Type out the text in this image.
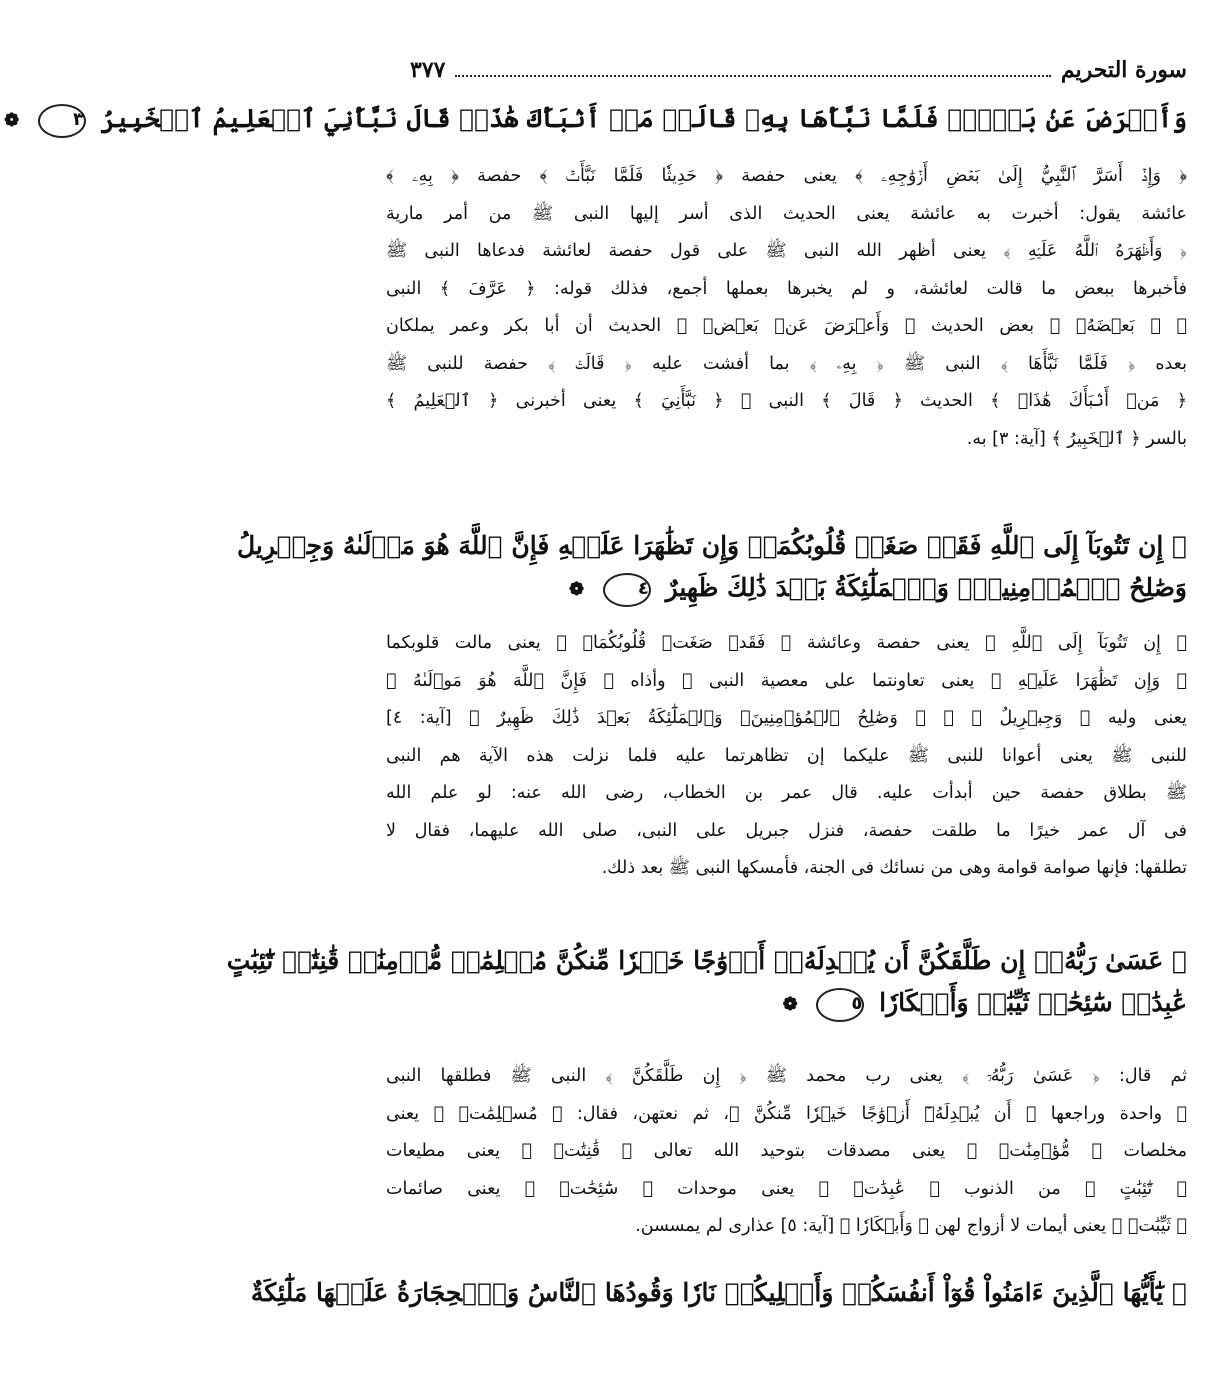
سورة التحريم
٣٧٧
وَأَعۡرَضَ عَنۢ بَعۡضٖۖ فَلَمَّا نَبَّأَهَا بِهِۦ قَالَتۡ مَنۡ أَنۢبَأَكَ هَٰذَاۖ قَالَ نَبَّأَنِيَ ٱلۡعَلِيمُ ٱلۡخَبِيرُ ٣ ❁
﴿ وَإِذۡ أَسَرَّ ٱلنَّبِيُّ إِلَىٰ بَعۡضِ أَزۡوَٰجِهِۦ ﴾ يعنى حفصة ﴿ حَدِيثٗا فَلَمَّا نَبَّأَتۡ ﴾ حفصة ﴿ بِهِۦ ﴾
عائشة يقول: أخبرت به عائشة يعنى الحديث الذى أسر إليها النبى ﷺ من أمر مارية
﴿ وَأَظۡهَرَهُ ٱللَّهُ عَلَيۡهِ ﴾ يعنى أظهر الله النبى ﷺ على قول حفصة لعائشة فدعاها النبى ﷺ
فأخبرها ببعض ما قالت لعائشة، و لم يخبرها بعملها أجمع، فذلك قوله: ﴿ عَرَّفَ ﴾ النبى
ﷺ ﴿ بَعۡضَهُۥ ﴾ بعض الحديث ﴿ وَأَعۡرَضَ عَنۢ بَعۡضٖ ﴾ الحديث أن أبا بكر وعمر يملكان
بعده ﴿ فَلَمَّا نَبَّأَهَا ﴾ النبى ﷺ ﴿ بِهِۦ ﴾ بما أفشت عليه ﴿ قَالَتۡ ﴾ حفصة للنبى ﷺ
﴿ مَنۡ أَنۢبَأَكَ هَٰذَاۖ ﴾ الحديث ﴿ قَالَ ﴾ النبى ﷺ ﴿ نَبَّأَنِيَ ﴾ يعنى أخبرنى ﴿ ٱلۡعَلِيمُ ﴾
بالسر ﴿ ٱلۡخَبِيرُ ﴾ [آية: ٣] به.
﴿ إِن تَتُوبَآ إِلَى ٱللَّهِ فَقَدۡ صَغَتۡ قُلُوبُكُمَاۖ وَإِن تَظَٰهَرَا عَلَيۡهِ فَإِنَّ ٱللَّهَ هُوَ مَوۡلَىٰهُ وَجِبۡرِيلُ
وَصَٰلِحُ ٱلۡمُؤۡمِنِينَۖ وَٱلۡمَلَٰٓئِكَةُ بَعۡدَ ذَٰلِكَ ظَهِيرٌ ٤ ❁
﴿ إِن تَتُوبَآ إِلَى ٱللَّهِ ﴾ يعنى حفصة وعائشة ﴿ فَقَدۡ صَغَتۡ قُلُوبُكُمَاۖ ﴾ يعنى مالت قلوبكما
﴿ وَإِن تَظَٰهَرَا عَلَيۡهِ ﴾ يعنى تعاونتما على معصية النبى ﷺ وأذاه ﴿ فَإِنَّ ٱللَّهَ هُوَ مَوۡلَىٰهُ ﴾
يعنى وليه ﴿ وَجِبۡرِيلُ ﴾ ﷺ ﴿ وَصَٰلِحُ ٱلۡمُؤۡمِنِينَۖ وَٱلۡمَلَٰٓئِكَةُ بَعۡدَ ذَٰلِكَ ظَهِيرٌ ﴾ [آية: ٤]
للنبى ﷺ يعنى أعوانا للنبى ﷺ عليكما إن تظاهرتما عليه فلما نزلت هذه الآية هم النبى
ﷺ بطلاق حفصة حين أبدأت عليه. قال عمر بن الخطاب، رضى الله عنه: لو علم الله
فى آل عمر خيرًا ما طلقت حفصة، فنزل جبريل على النبى، صلى الله عليهما، فقال لا
تطلقها: فإنها صوامة قوامة وهى من نسائك فى الجنة، فأمسكها النبى ﷺ بعد ذلك.
﴿ عَسَىٰ رَبُّهُۥٓ إِن طَلَّقَكُنَّ أَن يُبۡدِلَهُۥٓ أَزۡوَٰجًا خَيۡرٗا مِّنكُنَّ مُسۡلِمَٰتٖ مُّؤۡمِنَٰتٖ قَٰنِتَٰتٖ تَٰٓئِبَٰتٍ
عَٰبِدَٰتٖ سَٰٓئِحَٰتٖ ثَيِّبَٰتٖ وَأَبۡكَارٗا ٥ ❁
ثم قال: ﴿ عَسَىٰ رَبُّهُۥٓ ﴾ يعنى رب محمد ﷺ ﴿ إِن طَلَّقَكُنَّ ﴾ النبى ﷺ فطلقها النبى
ﷺ واحدة وراجعها ﴿ أَن يُبۡدِلَهُۥٓ أَزۡوَٰجًا خَيۡرٗا مِّنكُنَّ ﴾، ثم نعتهن، فقال: ﴿ مُسۡلِمَٰتٖ ﴾ يعنى
مخلصات ﴿ مُّؤۡمِنَٰتٖ ﴾ يعنى مصدقات بتوحيد الله تعالى ﴿ قَٰنِتَٰتٖ ﴾ يعنى مطيعات
﴿ تَٰٓئِبَٰتٍ ﴾ من الذنوب ﴿ عَٰبِدَٰتٖ ﴾ يعنى موحدات ﴿ سَٰٓئِحَٰتٖ ﴾ يعنى صائمات
﴿ ثَيِّبَٰتٖ ﴾ يعنى أيمات لا أزواج لهن ﴿ وَأَبۡكَارٗا ﴾ [آية: ٥] عذارى لم يمسسن.
﴿ يَٰٓأَيُّهَا ٱلَّذِينَ ءَامَنُواْ قُوٓاْ أَنفُسَكُمۡ وَأَهۡلِيكُمۡ نَارٗا وَقُودُهَا ٱلنَّاسُ وَٱلۡحِجَارَةُ عَلَيۡهَا مَلَٰٓئِكَةٌ
